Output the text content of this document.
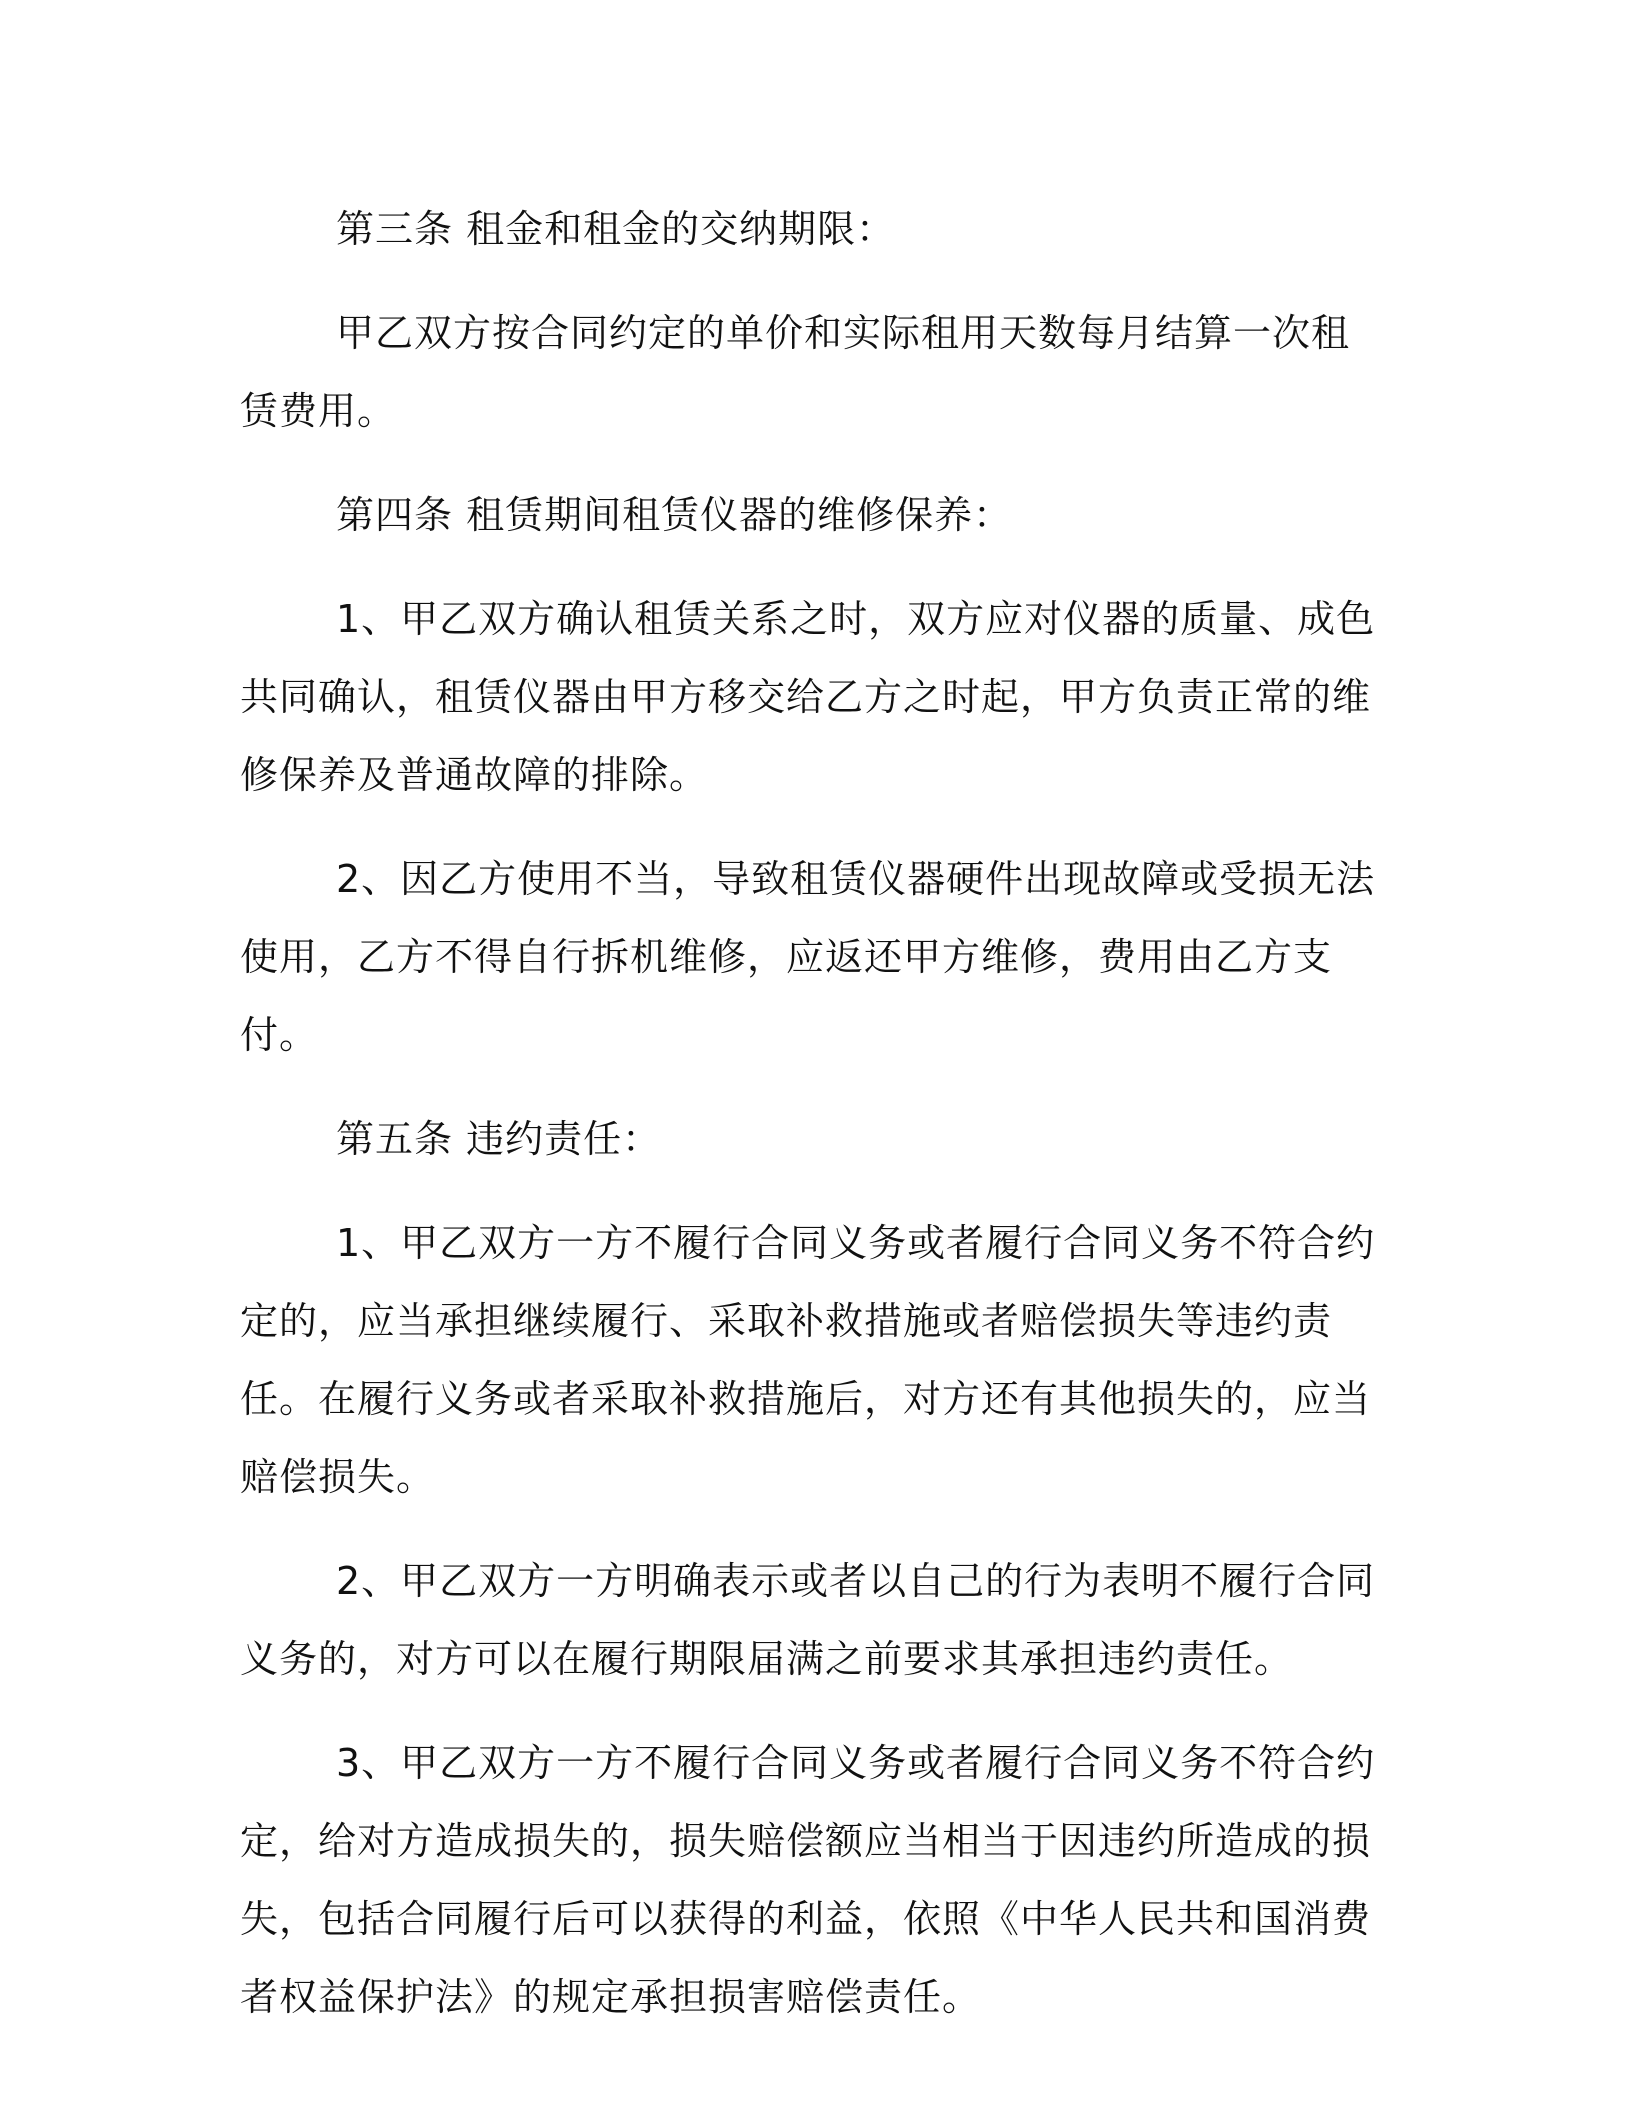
第三条 租金和租金的交纳期限：

甲乙双方按合同约定的单价和实际租用天数每月结算一次租赁费用。

第四条 租赁期间租赁仪器的维修保养：

1、甲乙双方确认租赁关系之时，双方应对仪器的质量、成色共同确认，租赁仪器由甲方移交给乙方之时起，甲方负责正常的维修保养及普通故障的排除。

2、因乙方使用不当，导致租赁仪器硬件出现故障或受损无法使用，乙方不得自行拆机维修，应返还甲方维修，费用由乙方支付。

第五条 违约责任：

1、甲乙双方一方不履行合同义务或者履行合同义务不符合约定的，应当承担继续履行、采取补救措施或者赔偿损失等违约责任。在履行义务或者采取补救措施后，对方还有其他损失的，应当赔偿损失。

2、甲乙双方一方明确表示或者以自己的行为表明不履行合同义务的，对方可以在履行期限届满之前要求其承担违约责任。

3、甲乙双方一方不履行合同义务或者履行合同义务不符合约定，给对方造成损失的，损失赔偿额应当相当于因违约所造成的损失，包括合同履行后可以获得的利益，依照《中华人民共和国消费者权益保护法》的规定承担损害赔偿责任。
